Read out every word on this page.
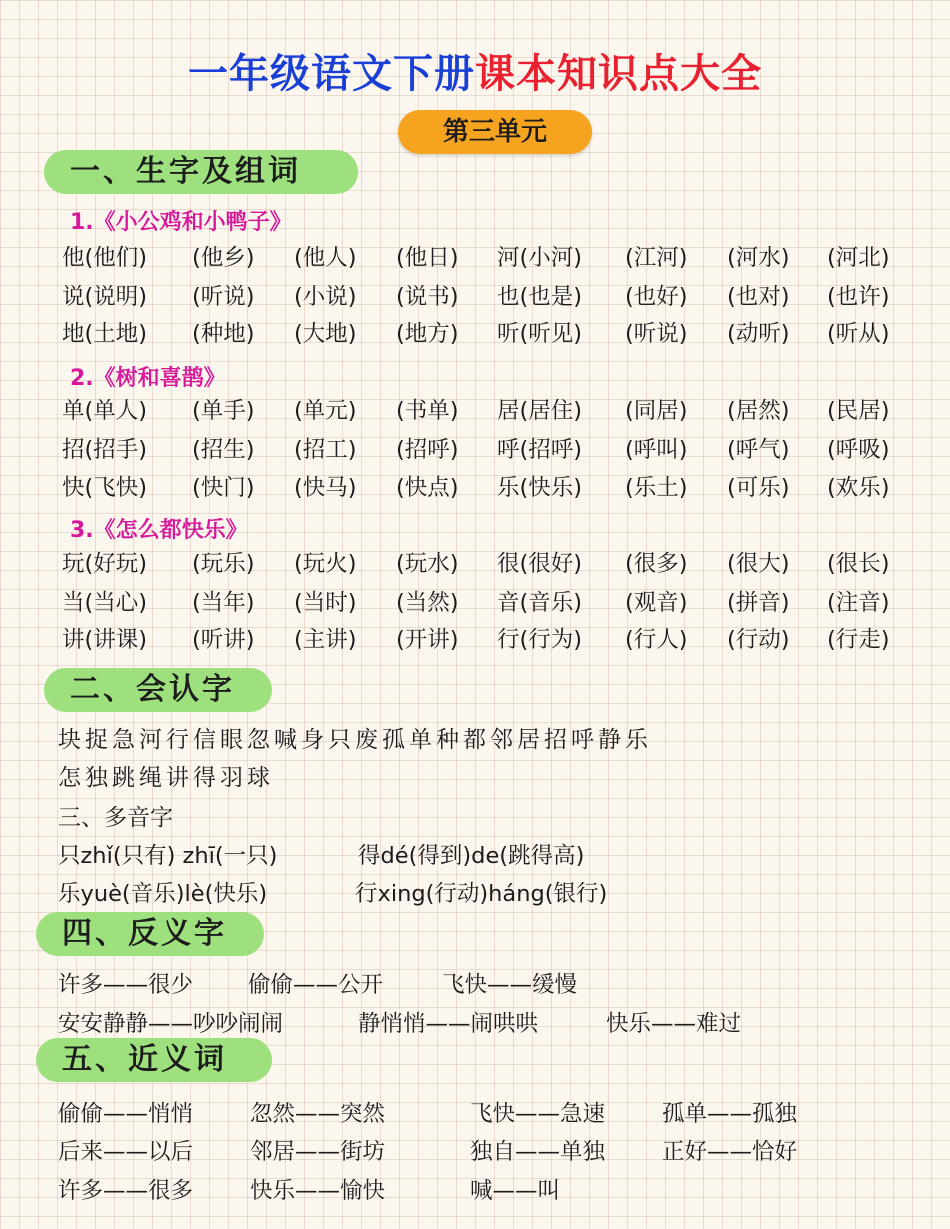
一年级语文下册课本知识点大全
第三单元
一、生字及组词
1.《小公鸡和小鸭子》
他(他们) (他乡) (他人) (他日) 河(小河) (江河) (河水) (河北)
说(说明) (听说) (小说) (说书) 也(也是) (也好) (也对) (也许)
地(土地) (种地) (大地) (地方) 听(听见) (听说) (动听) (听从)
2.《树和喜鹊》
单(单人) (单手) (单元) (书单) 居(居住) (同居) (居然) (民居)
招(招手) (招生) (招工) (招呼) 呼(招呼) (呼叫) (呼气) (呼吸)
快(飞快) (快门) (快马) (快点) 乐(快乐) (乐土) (可乐) (欢乐)
3.《怎么都快乐》
玩(好玩) (玩乐) (玩火) (玩水) 很(很好) (很多) (很大) (很长)
当(当心) (当年) (当时) (当然) 音(音乐) (观音) (拼音) (注音)
讲(讲课) (听讲) (主讲) (开讲) 行(行为) (行人) (行动) (行走)
二、会认字
块捉急河行信眼忽喊身只废孤单种都邻居招呼静乐
怎独跳绳讲得羽球
三、多音字
只zhǐ(只有) zhī(一只)	得dé(得到)de(跳得高)
乐yuè(音乐)lè(快乐)	行xing(行动)háng(银行)
四、反义字
许多——很少 偷偷——公开	飞快——缓慢
安安静静——吵吵闹闹	静悄悄——闹哄哄	快乐——难过
五、近义词
偷偷——悄悄	忽然——突然	飞快——急速	孤单——孤独
后来——以后	邻居——街坊	独自——单独	正好——恰好
许多——很多	快乐——愉快	喊——叫
